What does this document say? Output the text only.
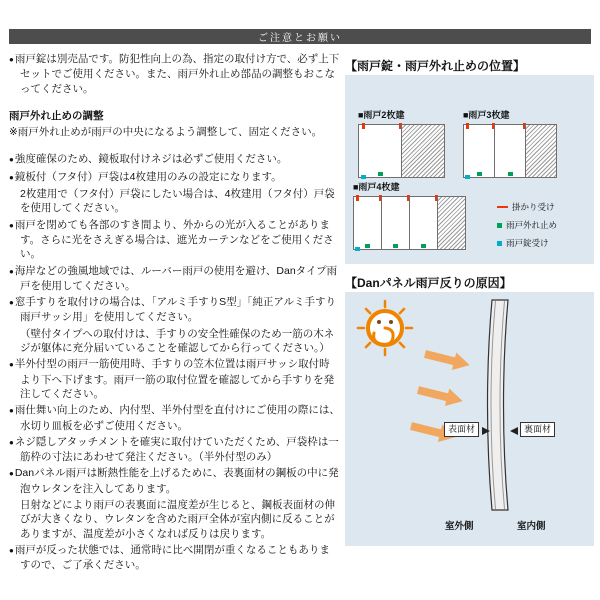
ご注意とお願い

● 雨戸錠は別売品です。防犯性向上の為、指定の取付け方で、必ず上下セットでご使用ください。また、雨戸外れ止め部品の調整もおこなってください。

雨戸外れ止めの調整

※雨戸外れ止めが雨戸の中央になるよう調整して、固定ください。

● 強度確保のため、鏡板取付けネジは必ずご使用ください。

● 鏡板付（フタ付）戸袋は4枚建用のみの設定になります。

2枚建用で（フタ付）戸袋にしたい場合は、4枚建用（フタ付）戸袋を使用してください。

● 雨戸を閉めても各部のすき間より、外からの光が入ることがあります。さらに光をさえぎる場合は、遮光カーテンなどをご使用ください。

● 海岸などの強風地域では、ルーバー雨戸の使用を避け、Danタイプ雨戸を使用してください。

● 窓手すりを取付けの場合は、「アルミ手すりS型」「純正アルミ手すり雨戸サッシ用」を使用してください。

（壁付タイプへの取付けは、手すりの安全性確保のため一筋の木ネジが躯体に充分届いていることを確認してから行ってください。）

● 半外付型の雨戸一筋使用時、手すりの笠木位置は雨戸サッシ取付時より下へ下げます。雨戸一筋の取付位置を確認してから手すりを発注してください。

● 雨仕舞い向上のため、内付型、半外付型を直付けにご使用の際には、水切り皿板を必ずご使用ください。

● ネジ隠しアタッチメントを確実に取付けていただくため、戸袋枠は一筋枠の寸法にあわせて発注ください。（半外付型のみ）

● Danパネル雨戸は断熱性能を上げるために、表裏面材の鋼板の中に発泡ウレタンを注入してあります。

日射などにより雨戸の表裏面に温度差が生じると、鋼板表面材の伸びが大きくなり、ウレタンを含めた雨戸全体が室内側に反ることがありますが、温度差が小さくなれば反りは戻ります。

● 雨戸が反った状態では、通常時に比べ開閉が重くなることもありますので、ご了承ください。

【雨戸錠・雨戸外れ止めの位置】
■雨戸2枚建	■雨戸3枚建
■雨戸4枚建
掛かり受け
雨戸外れ止め
雨戸錠受け
【Danパネル雨戸反りの原因】
表面材	裏面材
室外側	室内側
